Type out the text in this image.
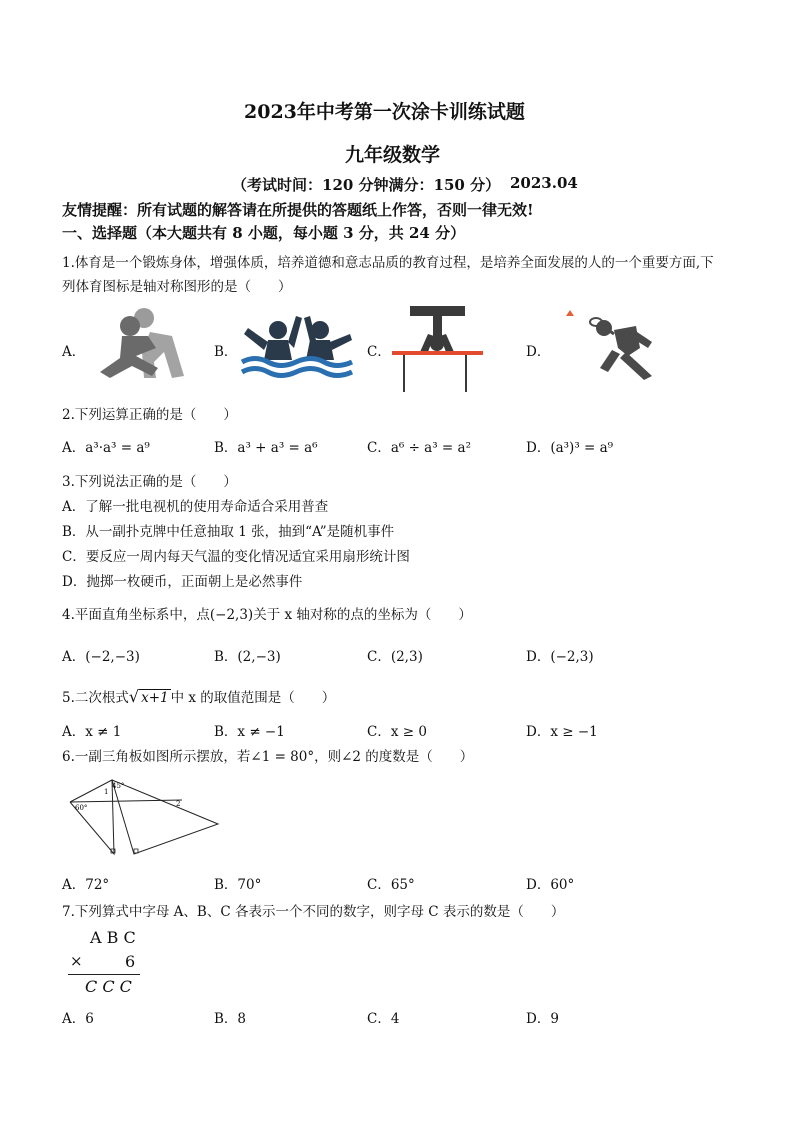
2023年中考第一次涂卡训练试题
九年级数学
（考试时间：120 分钟满分：150 分） 2023.04
友情提醒：所有试题的解答请在所提供的答题纸上作答，否则一律无效!
一、选择题（本大题共有 8 小题，每小题 3 分，共 24 分）
1.体育是一个锻炼身体，增强体质，培养道德和意志品质的教育过程，是培养全面发展的人的一个重要方面,下
列体育图标是轴对称图形的是（　　）
A．	B．	C．	D．
2.下列运算正确的是（　　）
A．a³·a³ = a⁹	B．a³ + a³ = a⁶	C．a⁶ ÷ a³ = a²	D．(a³)³ = a⁹
3.下列说法正确的是（　　）
A．了解一批电视机的使用寿命适合采用普查
B．从一副扑克牌中任意抽取 1 张，抽到“A”是随机事件
C．要反应一周内每天气温的变化情况适宜采用扇形统计图
D．抛掷一枚硬币，正面朝上是必然事件
4.平面直角坐标系中，点(−2,3)关于 x 轴对称的点的坐标为（　　）
A．(−2,−3)	B．(2,−3)	C．(2,3)	D．(−2,3)
5.二次根式√ x+1 中 x 的取值范围是（　　）
A．x ≠ 1	B．x ≠ −1	C．x ≥ 0	D．x ≥ −1
6.一副三角板如图所示摆放，若∠1 = 80°，则∠2 的度数是（　　）
45°
1
60°	2
A．72°	B．70°	C．65°	D．60°
7.下列算式中字母 A、B、C 各表示一个不同的数字，则字母 C 表示的数是（　　）
A B C
×	6
C C C
A．6	B．8	C．4	D．9
